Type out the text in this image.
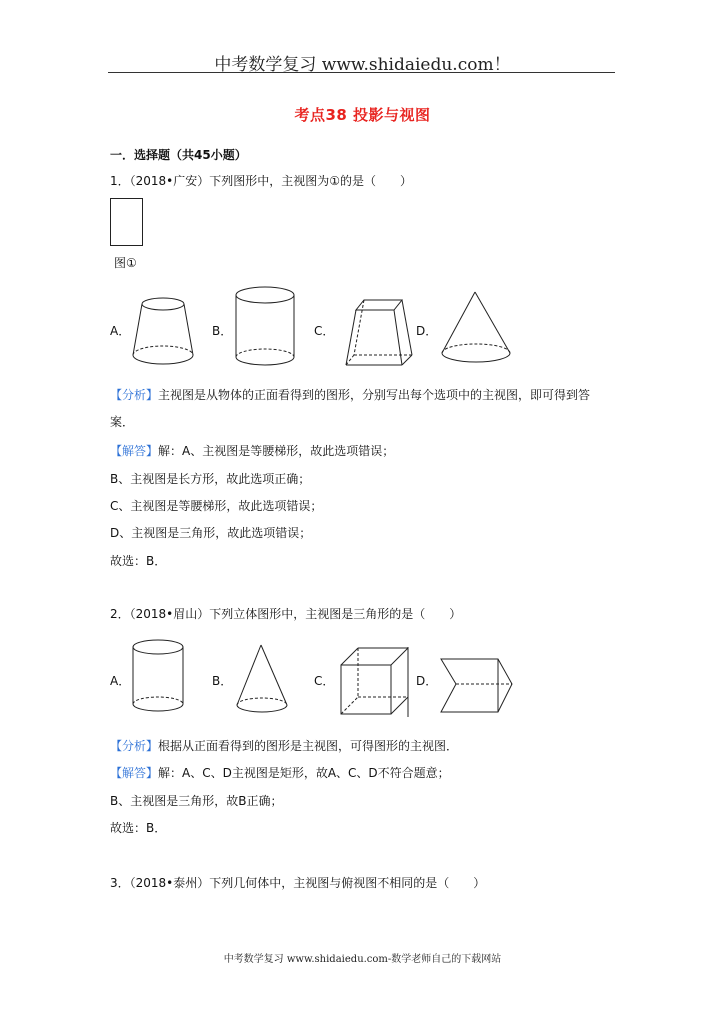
中考数学复习 www.shidaiedu.com！
考点38 投影与视图
一．选择题（共45小题）
1．（2018•广安）下列图形中，主视图为①的是（　　）
图①
A．	B．	C．	D．
【分析】主视图是从物体的正面看得到的图形，分别写出每个选项中的主视图，即可得到答
案．
【解答】解：A、主视图是等腰梯形，故此选项错误；
B、主视图是长方形，故此选项正确；
C、主视图是等腰梯形，故此选项错误；
D、主视图是三角形，故此选项错误；
故选：B．
2．（2018•眉山）下列立体图形中，主视图是三角形的是（　　）
A．	B．	C．	D．
【分析】根据从正面看得到的图形是主视图，可得图形的主视图．
【解答】解：A、C、D主视图是矩形，故A、C、D不符合题意；
B、主视图是三角形，故B正确；
故选：B．
3．（2018•泰州）下列几何体中，主视图与俯视图不相同的是（　　）
中考数学复习 www.shidaiedu.com-数学老师自己的下载网站
